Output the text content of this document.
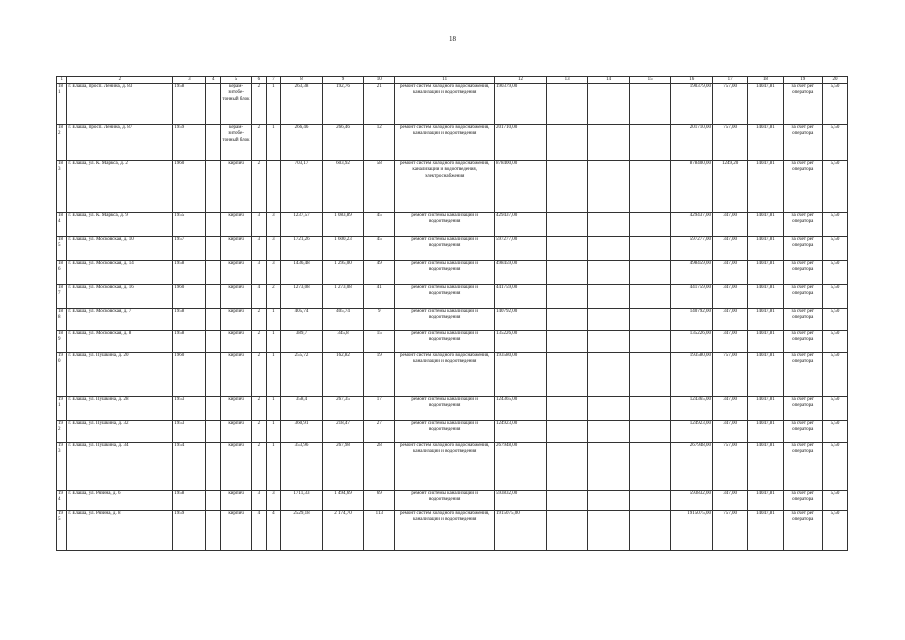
18
1	2	3	4	5	6	7	8	9	10	11	12	13	14	15	16	17	18	19	20
181	г. Елаша, просп. Ленина, д. 83	1958		керам-зитобе-тонный блок	2	1	263,38	192,76	21	ремонт систем холодного водоснабжения, канализации и водоотведения	190379,00				190379,00	757,00	14047,81	за счет рег оператора	5,50
182	г. Елаша, просп. Ленина, д. 87	1959		керам-зитобе-тонный блок	2	1	266,46	266,46	12	ремонт систем холодного водоснабжения, канализации и водоотведения	201710,00				201710,00	757,00	14047,81	за счет рег оператора	5,50
183	г. Елаша, ул. К. Маркса, д. 2	1960		кирпич	2		703,17	603,92	58	ремонт систем холодного водоснабжения, канализации и водоотведения, электроснабжения	878400,00				878400,00	1249,20	14047,81	за счет рег оператора	5,50
184	г. Елаша, ул. К. Маркса, д. 9	1955		кирпич	3	3	1237,57	1 083,89	45	ремонт системы канализации и водоотведения	429437,00				429437,00	347,00	14047,81	за счет рег оператора	5,50
185	г. Елаша, ул. Московская, д. 10	1957		кирпич	3	3	1721,26	1 600,23	45	ремонт системы канализации и водоотведения	597277,00				597277,00	347,00	14047,81	за счет рег оператора	5,50
186	г. Елаша, ул. Московская, д. 14	1958		кирпич	3	3	1436,48	1 295,00	49	ремонт системы канализации и водоотведения	498459,00				498459,00	347,00	14047,81	за счет рег оператора	5,50
187	г. Елаша, ул. Московская, д. 16	1960		кирпич	4	2	1273,08	1 273,08	41	ремонт системы канализации и водоотведения	441759,00				441759,00	347,00	14047,81	за счет рег оператора	5,50
188	г. Елаша, ул. Московская, д. 7	1958		кирпич	2	1	405,74	405,74	9	ремонт системы канализации и водоотведения	140792,00				140792,00	347,00	14047,81	за счет рег оператора	5,50
189	г. Елаша, ул. Московская, д. 8	1958		кирпич	2	1	389,7	345,8	15	ремонт системы канализации и водоотведения	135226,00				135226,00	347,00	14047,81	за счет рег оператора	5,50
190	г. Елаша, ул. Пушкина, д. 20	1960		кирпич	2	1	255,72	162,82	19	ремонт систем холодного водоснабжения, канализации и водоотведения	193580,00				193580,00	757,00	14047,81	за счет рег оператора	5,50
191	г. Елаша, ул. Пушкина, д. 28	1953		кирпич	2	1	358,4	267,35	17	ремонт системы канализации и водоотведения	124365,00				124365,00	347,00	14047,81	за счет рег оператора	5,50
192	г. Елаша, ул. Пушкина, д. 32	1953		кирпич	2	1	360,91	218,47	27	ремонт системы канализации и водоотведения	124923,00				124923,00	347,00	14047,81	за счет рег оператора	5,50
193	г. Елаша, ул. Пушкина, д. 34	1954		кирпич	2	1	353,96	267,98	28	ремонт систем холодного водоснабжения, канализации и водоотведения	267948,00				267948,00	757,00	14047,81	за счет рег оператора	5,50
194	г. Елаша, ул. Рязина, д. 6	1958		кирпич	3	3	1711,33	1 494,69	69	ремонт системы канализации и водоотведения	593832,00				593832,00	347,00	14047,81	за счет рег оператора	5,50
195	г. Елаша, ул. Рязина, д. 8	1959		кирпич	4	4	2529,18	2 174,70	113	ремонт систем холодного водоснабжения, канализации и водоотведения	1915075,00				1915075,00	757,00	14047,81	за счет рег оператора	5,50
